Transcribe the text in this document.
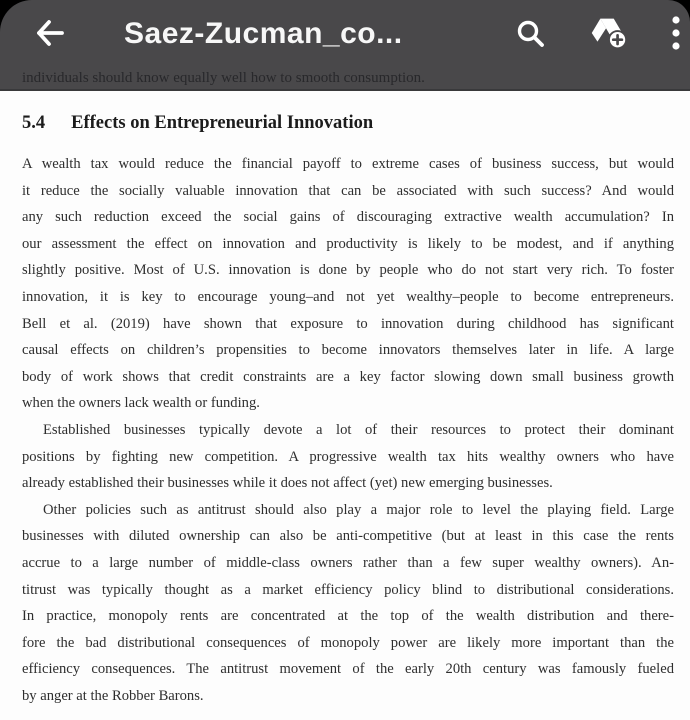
Saez-Zucman_co...
individuals should know equally well how to smooth consumption.
5.4 Effects on Entrepreneurial Innovation
A wealth tax would reduce the financial payoff to extreme cases of business success, but would
it reduce the socially valuable innovation that can be associated with such success? And would
any such reduction exceed the social gains of discouraging extractive wealth accumulation? In
our assessment the effect on innovation and productivity is likely to be modest, and if anything
slightly positive. Most of U.S. innovation is done by people who do not start very rich. To foster
innovation, it is key to encourage young–and not yet wealthy–people to become entrepreneurs.
Bell et al. (2019) have shown that exposure to innovation during childhood has significant
causal effects on children’s propensities to become innovators themselves later in life. A large
body of work shows that credit constraints are a key factor slowing down small business growth
when the owners lack wealth or funding.
Established businesses typically devote a lot of their resources to protect their dominant
positions by fighting new competition. A progressive wealth tax hits wealthy owners who have
already established their businesses while it does not affect (yet) new emerging businesses.
Other policies such as antitrust should also play a major role to level the playing field. Large
businesses with diluted ownership can also be anti-competitive (but at least in this case the rents
accrue to a large number of middle-class owners rather than a few super wealthy owners). An-
titrust was typically thought as a market efficiency policy blind to distributional considerations.
In practice, monopoly rents are concentrated at the top of the wealth distribution and there-
fore the bad distributional consequences of monopoly power are likely more important than the
efficiency consequences. The antitrust movement of the early 20th century was famously fueled
by anger at the Robber Barons.
